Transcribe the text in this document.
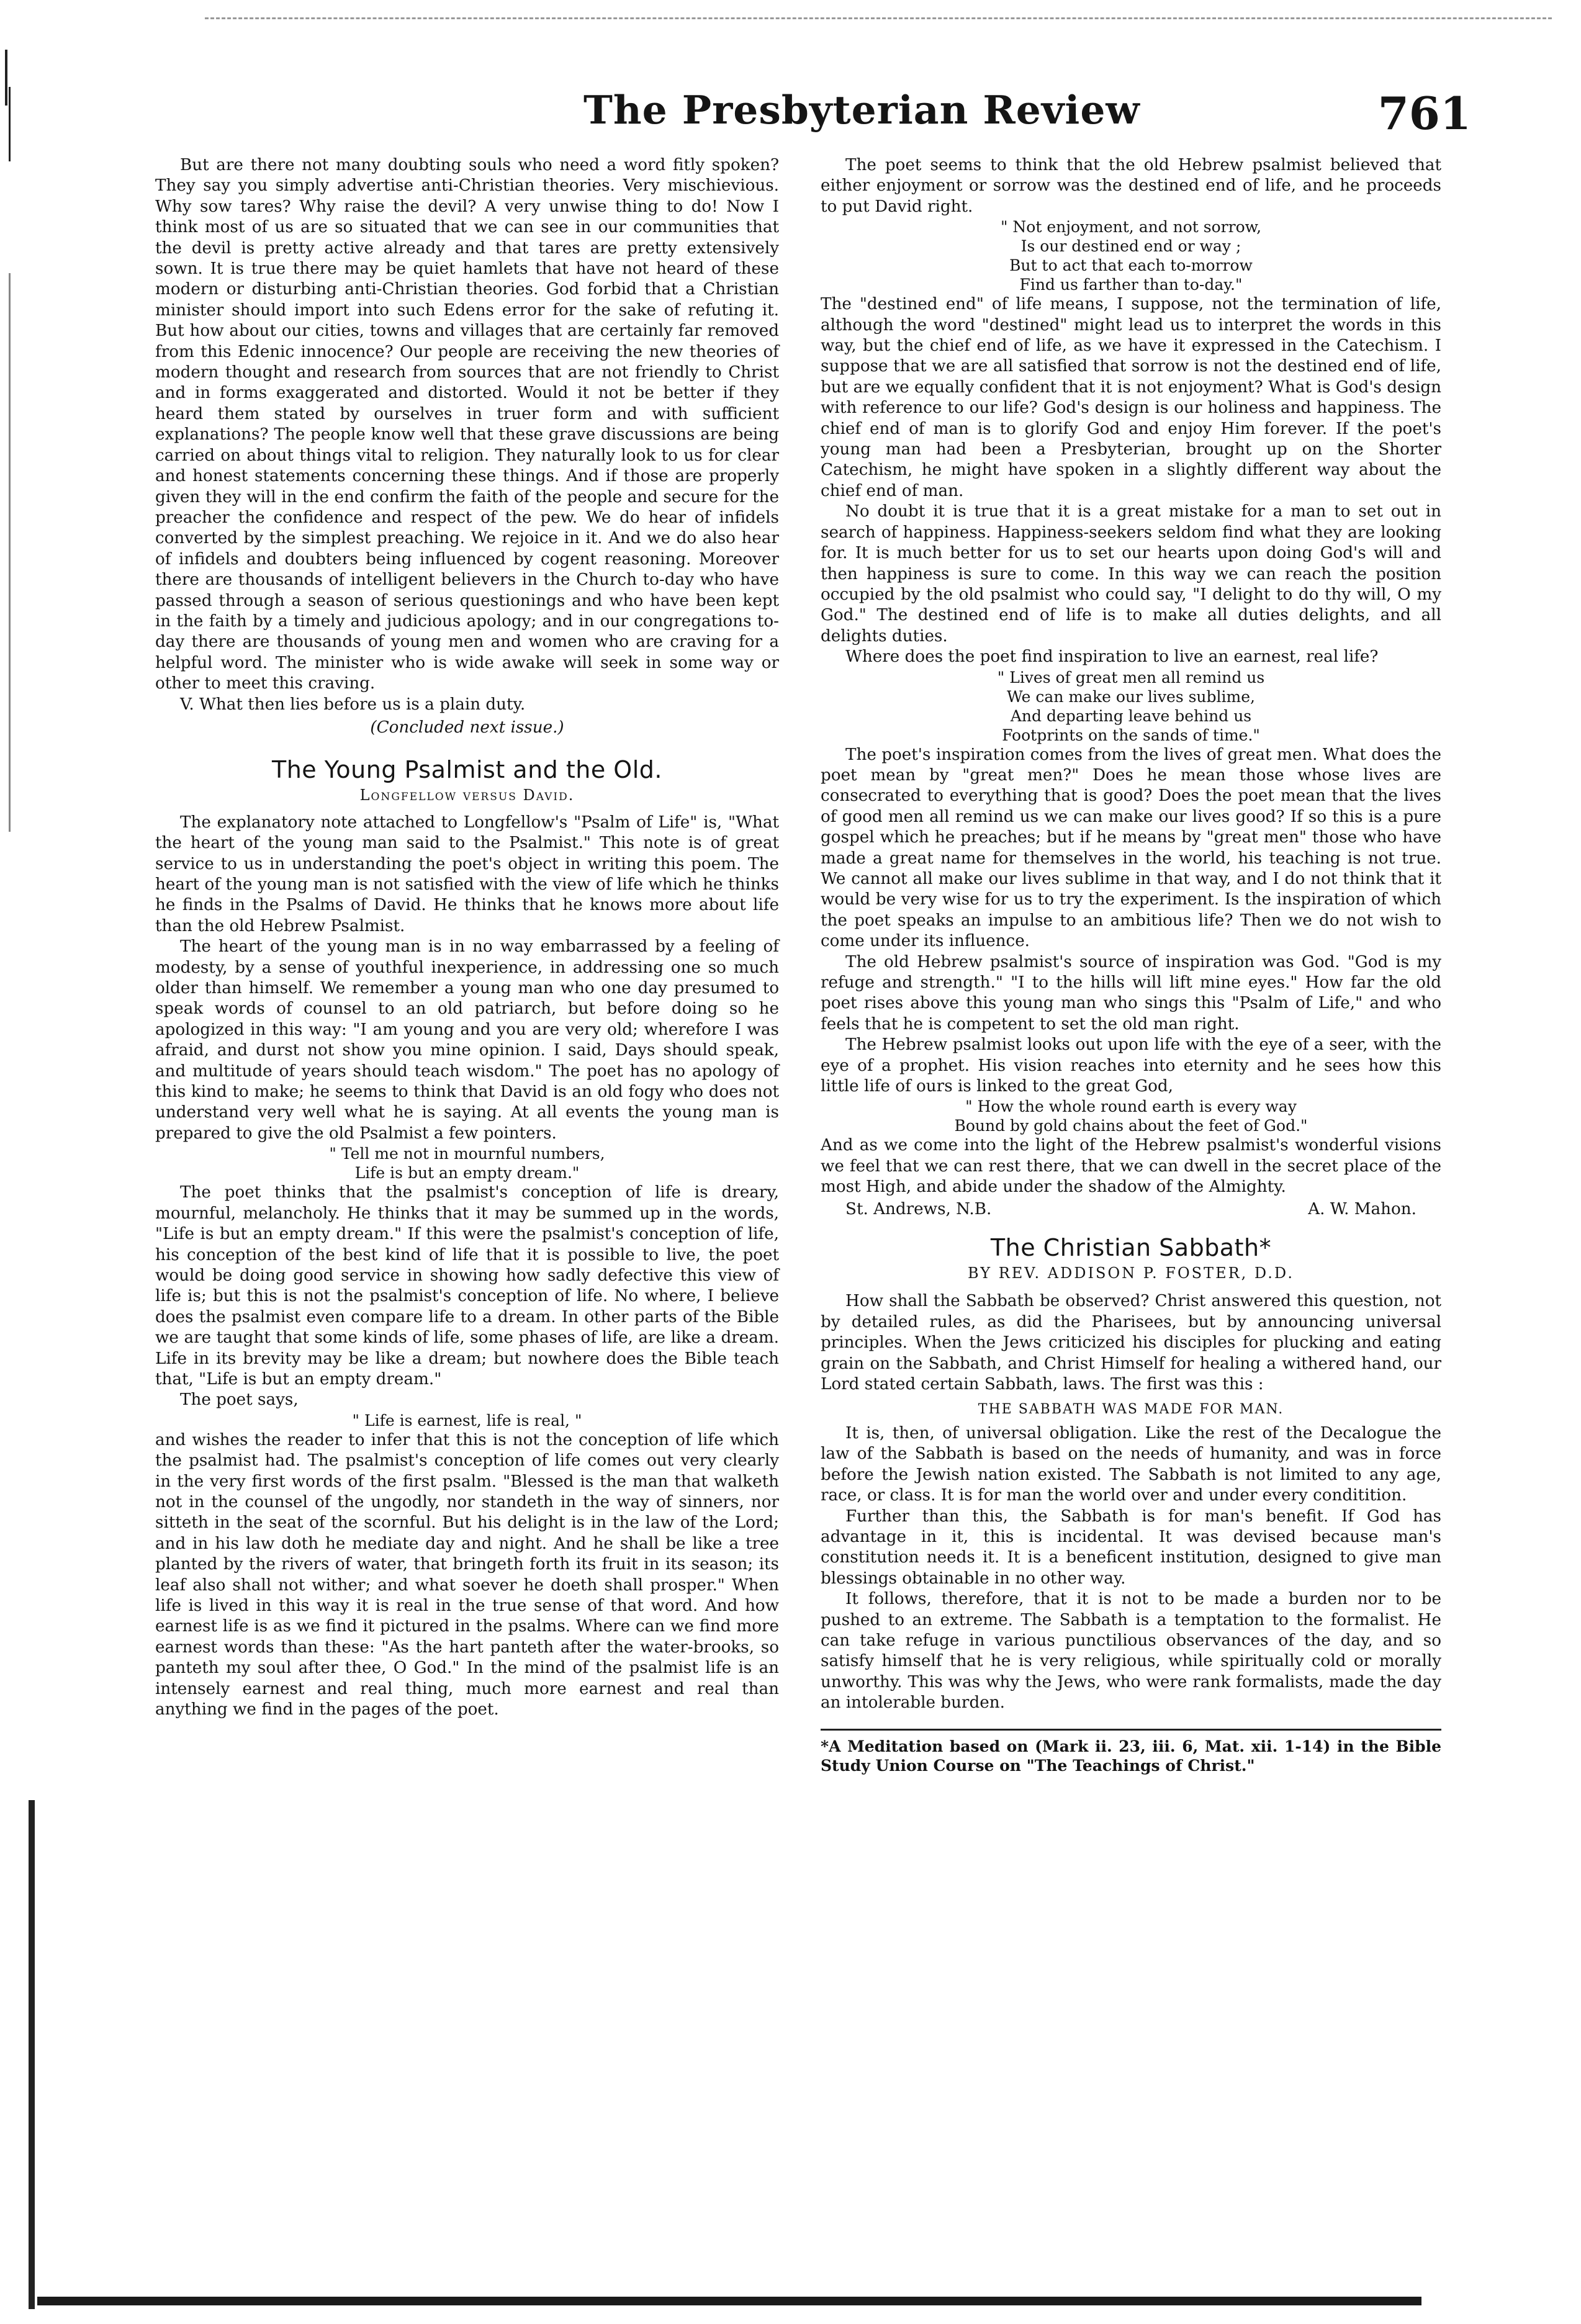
The Presbyterian Review	761

But are there not many doubting souls who need a word fitly spoken? They say you simply advertise anti-Christian theories. Very mischievious. Why sow tares? Why raise the devil? A very unwise thing to do! Now I think most of us are so situated that we can see in our communities that the devil is pretty active already and that tares are pretty extensively sown. It is true there may be quiet hamlets that have not heard of these modern or disturbing anti-Christian theories. God forbid that a Christian minister should import into such Edens error for the sake of refuting it. But how about our cities, towns and villages that are certainly far removed from this Edenic innocence? Our people are receiving the new theories of modern thought and research from sources that are not friendly to Christ and in forms exaggerated and distorted. Would it not be better if they heard them stated by ourselves in truer form and with sufficient explanations? The people know well that these grave discussions are being carried on about things vital to religion. They naturally look to us for clear and honest statements concerning these things. And if those are properly given they will in the end confirm the faith of the people and secure for the preacher the confidence and respect of the pew. We do hear of infidels converted by the simplest preaching. We rejoice in it. And we do also hear of infidels and doubters being influenced by cogent reasoning. Moreover there are thousands of intelligent believers in the Church to-day who have passed through a season of serious questionings and who have been kept in the faith by a timely and judicious apology; and in our congregations to-day there are thousands of young men and women who are craving for a helpful word. The minister who is wide awake will seek in some way or other to meet this craving.

V. What then lies before us is a plain duty.

(Concluded next issue.)
The Young Psalmist and the Old.
Longfellow versus David.

The explanatory note attached to Longfellow's "Psalm of Life" is, "What the heart of the young man said to the Psalmist." This note is of great service to us in understanding the poet's object in writing this poem. The heart of the young man is not satisfied with the view of life which he thinks he finds in the Psalms of David. He thinks that he knows more about life than the old Hebrew Psalmist.

The heart of the young man is in no way embarrassed by a feeling of modesty, by a sense of youthful inexperience, in addressing one so much older than himself. We remember a young man who one day presumed to speak words of counsel to an old patriarch, but before doing so he apologized in this way: "I am young and you are very old; wherefore I was afraid, and durst not show you mine opinion. I said, Days should speak, and multitude of years should teach wisdom." The poet has no apology of this kind to make; he seems to think that David is an old fogy who does not understand very well what he is saying. At all events the young man is prepared to give the old Psalmist a few pointers.

" Tell me not in mournful numbers,
Life is but an empty dream."

The poet thinks that the psalmist's conception of life is dreary, mournful, melancholy. He thinks that it may be summed up in the words, "Life is but an empty dream." If this were the psalmist's conception of life, his conception of the best kind of life that it is possible to live, the poet would be doing good service in showing how sadly defective this view of life is; but this is not the psalmist's conception of life. No where, I believe does the psalmist even compare life to a dream. In other parts of the Bible we are taught that some kinds of life, some phases of life, are like a dream. Life in its brevity may be like a dream; but nowhere does the Bible teach that, "Life is but an empty dream."

The poet says,

" Life is earnest, life is real, "

and wishes the reader to infer that this is not the conception of life which the psalmist had. The psalmist's conception of life comes out very clearly in the very first words of the first psalm. "Blessed is the man that walketh not in the counsel of the ungodly, nor standeth in the way of sinners, nor sitteth in the seat of the scornful. But his delight is in the law of the Lord; and in his law doth he mediate day and night. And he shall be like a tree planted by the rivers of water, that bringeth forth its fruit in its season; its leaf also shall not wither; and what soever he doeth shall prosper." When life is lived in this way it is real in the true sense of that word. And how earnest life is as we find it pictured in the psalms. Where can we find more earnest words than these: "As the hart panteth after the water-brooks, so panteth my soul after thee, O God." In the mind of the psalmist life is an intensely earnest and real thing, much more earnest and real than anything we find in the pages of the poet.

The poet seems to think that the old Hebrew psalmist believed that either enjoyment or sorrow was the destined end of life, and he proceeds to put David right.

" Not enjoyment, and not sorrow,
Is our destined end or way ;
But to act that each to-morrow
Find us farther than to-day."

The "destined end" of life means, I suppose, not the termination of life, although the word "destined" might lead us to interpret the words in this way, but the chief end of life, as we have it expressed in the Catechism. I suppose that we are all satisfied that sorrow is not the destined end of life, but are we equally confident that it is not enjoyment? What is God's design with reference to our life? God's design is our holiness and happiness. The chief end of man is to glorify God and enjoy Him forever. If the poet's young man had been a Presbyterian, brought up on the Shorter Catechism, he might have spoken in a slightly different way about the chief end of man.

No doubt it is true that it is a great mistake for a man to set out in search of happiness. Happiness-seekers seldom find what they are looking for. It is much better for us to set our hearts upon doing God's will and then happiness is sure to come. In this way we can reach the position occupied by the old psalmist who could say, "I delight to do thy will, O my God." The destined end of life is to make all duties delights, and all delights duties.

Where does the poet find inspiration to live an earnest, real life?

" Lives of great men all remind us
We can make our lives sublime,
And departing leave behind us
Footprints on the sands of time."

The poet's inspiration comes from the lives of great men. What does the poet mean by "great men?" Does he mean those whose lives are consecrated to everything that is good? Does the poet mean that the lives of good men all remind us we can make our lives good? If so this is a pure gospel which he preaches; but if he means by "great men" those who have made a great name for themselves in the world, his teaching is not true. We cannot all make our lives sublime in that way, and I do not think that it would be very wise for us to try the experiment. Is the inspiration of which the poet speaks an impulse to an ambitious life? Then we do not wish to come under its influence.

The old Hebrew psalmist's source of inspiration was God. "God is my refuge and strength." "I to the hills will lift mine eyes." How far the old poet rises above this young man who sings this "Psalm of Life," and who feels that he is competent to set the old man right.

The Hebrew psalmist looks out upon life with the eye of a seer, with the eye of a prophet. His vision reaches into eternity and he sees how this little life of ours is linked to the great God,

" How the whole round earth is every way
Bound by gold chains about the feet of God."

And as we come into the light of the Hebrew psalmist's wonderful visions we feel that we can rest there, that we can dwell in the secret place of the most High, and abide under the shadow of the Almighty.

St. Andrews, N.B.	A. W. Mahon.
The Christian Sabbath*
BY REV. ADDISON P. FOSTER, D.D.

How shall the Sabbath be observed? Christ answered this question, not by detailed rules, as did the Pharisees, but by announcing universal principles. When the Jews criticized his disciples for plucking and eating grain on the Sabbath, and Christ Himself for healing a withered hand, our Lord stated certain Sabbath, laws. The first was this :

THE SABBATH WAS MADE FOR MAN.

It is, then, of universal obligation. Like the rest of the Decalogue the law of the Sabbath is based on the needs of humanity, and was in force before the Jewish nation existed. The Sabbath is not limited to any age, race, or class. It is for man the world over and under every conditition.

Further than this, the Sabbath is for man's benefit. If God has advantage in it, this is incidental. It was devised because man's constitution needs it. It is a beneficent institution, designed to give man blessings obtainable in no other way.

It follows, therefore, that it is not to be made a burden nor to be pushed to an extreme. The Sabbath is a temptation to the formalist. He can take refuge in various punctilious observances of the day, and so satisfy himself that he is very religious, while spiritually cold or morally unworthy. This was why the Jews, who were rank formalists, made the day an intolerable burden.

*A Meditation based on (Mark ii. 23, iii. 6, Mat. xii. 1-14) in the Bible Study Union Course on "The Teachings of Christ."
